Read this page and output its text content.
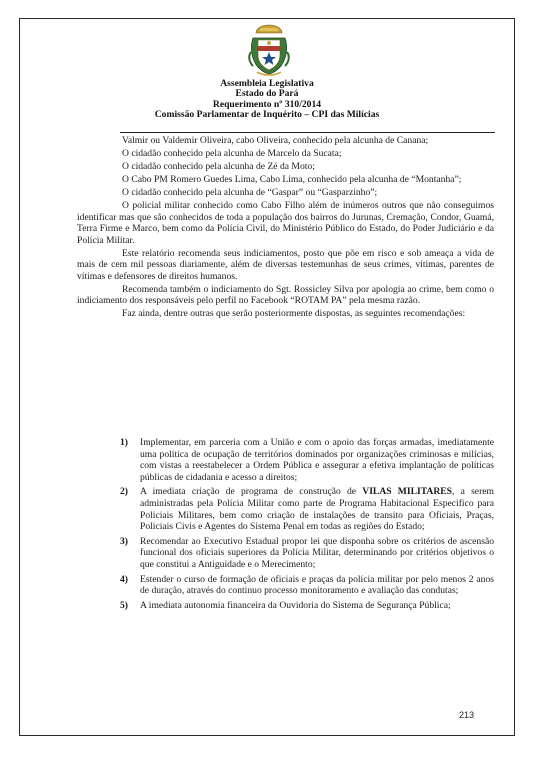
Assembleia Legislativa
Estado do Pará
Requerimento nº 310/2014
Comissão Parlamentar de Inquérito – CPI das Milícias

Valmir ou Valdemir Oliveira, cabo Oliveira, conhecido pela alcunha de Canana;

O cidadão conhecido pela alcunha de Marcelo da Sucata;

O cidadão conhecido pela alcunha de Zé da Moto;

O Cabo PM Romero Guedes Lima, Cabo Lima, conhecido pela alcunha de “Montanha”;

O cidadão conhecido pela alcunha de “Gaspar” ou “Gasparzinho”;

O policial militar conhecido como Cabo Filho além de inúmeros outros que não conseguimos identificar mas que são conhecidos de toda a população dos bairros do Jurunas, Cremação, Condor, Guamá, Terra Firme e Marco, bem como da Polícia Civil, do Ministério Público do Estado, do Poder Judiciário e da Polícia Militar.

Este relatório recomenda seus indiciamentos, posto que põe em risco e sob ameaça a vida de mais de cem mil pessoas diariamente, além de diversas testemunhas de seus crimes, vítimas, parentes de vítimas e defensores de direitos humanos.

Recomenda também o indiciamento do Sgt. Rossicley Silva por apologia ao crime, bem como o indiciamento dos responsáveis pelo perfil no Facebook “ROTAM PA” pela mesma razão.

Faz ainda, dentre outras que serão posteriormente dispostas, as seguintes recomendações:

1)	Implementar, em parceria com a União e com o apoio das forças armadas, imediatamente uma política de ocupação de territórios dominados por organizações criminosas e milícias, com vistas a reestabelecer a Ordem Pública e assegurar a efetiva implantação de políticas públicas de cidadania e acesso a direitos;
2)	A imediata criação de programa de construção de VILAS MILITARES, a serem administradas pela Polícia Militar como parte de Programa Habitacional Especifico para Policiais Militares, bem como criação de instalações de transito para Oficiais, Praças, Policiais Civis e Agentes do Sistema Penal em todas as regiões do Estado;
3)	Recomendar ao Executivo Estadual propor lei que disponha sobre os critérios de ascensão funcional dos oficiais superiores da Polícia Militar, determinando por critérios objetivos o que constitui a Antiguidade e o Merecimento;
4)	Estender o curso de formação de oficiais e praças da polícia militar por pelo menos 2 anos de duração, através do continuo processo monitoramento e avaliação das condutas;
5)	A imediata autonomia financeira da Ouvidoria do Sistema de Segurança Pública;
213
